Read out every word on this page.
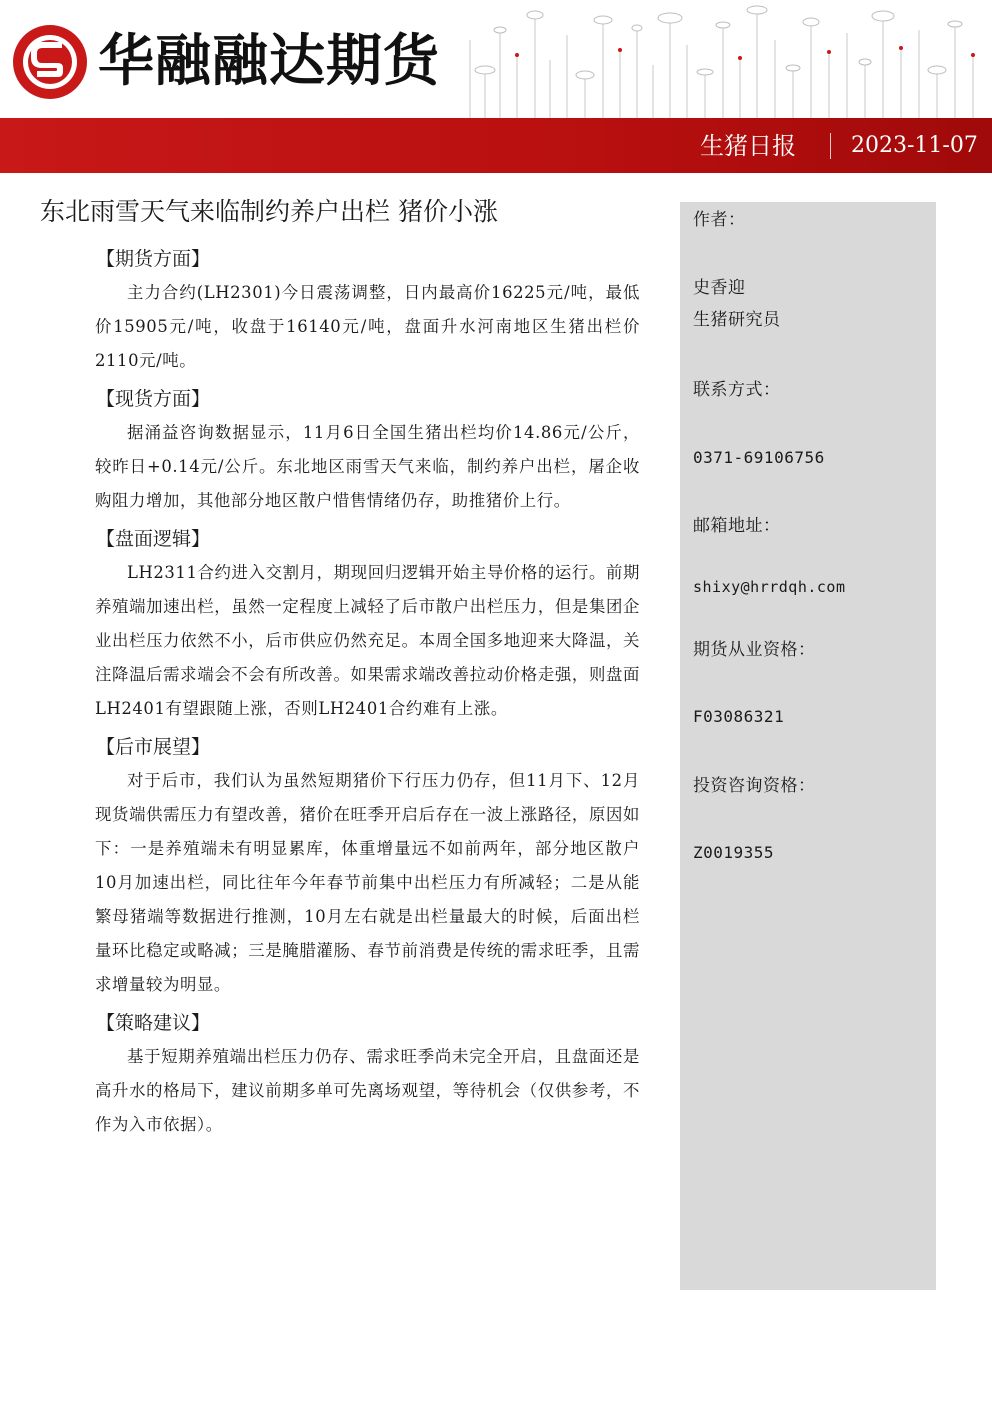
华融融达期货
生猪日报	2023-11-07
东北雨雪天气来临制约养户出栏 猪价小涨
【期货方面】

主力合约(LH2301)今日震荡调整，日内最高价16225元/吨，最低价15905元/吨，收盘于16140元/吨，盘面升水河南地区生猪出栏价2110元/吨。

【现货方面】

据涌益咨询数据显示，11月6日全国生猪出栏均价14.86元/公斤，较昨日+0.14元/公斤。东北地区雨雪天气来临，制约养户出栏，屠企收购阻力增加，其他部分地区散户惜售情绪仍存，助推猪价上行。

【盘面逻辑】

LH2311合约进入交割月，期现回归逻辑开始主导价格的运行。前期养殖端加速出栏，虽然一定程度上减轻了后市散户出栏压力，但是集团企业出栏压力依然不小，后市供应仍然充足。本周全国多地迎来大降温，关注降温后需求端会不会有所改善。如果需求端改善拉动价格走强，则盘面LH2401有望跟随上涨，否则LH2401合约难有上涨。

【后市展望】

对于后市，我们认为虽然短期猪价下行压力仍存，但11月下、12月现货端供需压力有望改善，猪价在旺季开启后存在一波上涨路径，原因如下：一是养殖端未有明显累库，体重增量远不如前两年，部分地区散户10月加速出栏，同比往年今年春节前集中出栏压力有所减轻；二是从能繁母猪端等数据进行推测，10月左右就是出栏量最大的时候，后面出栏量环比稳定或略减；三是腌腊灌肠、春节前消费是传统的需求旺季，且需求增量较为明显。

【策略建议】

基于短期养殖端出栏压力仍存、需求旺季尚未完全开启，且盘面还是高升水的格局下，建议前期多单可先离场观望，等待机会（仅供参考，不作为入市依据）。

作者：
史香迎
生猪研究员
联系方式：
0371-69106756
邮箱地址：
shixy@hrrdqh.com
期货从业资格：
F03086321
投资咨询资格：
Z0019355
